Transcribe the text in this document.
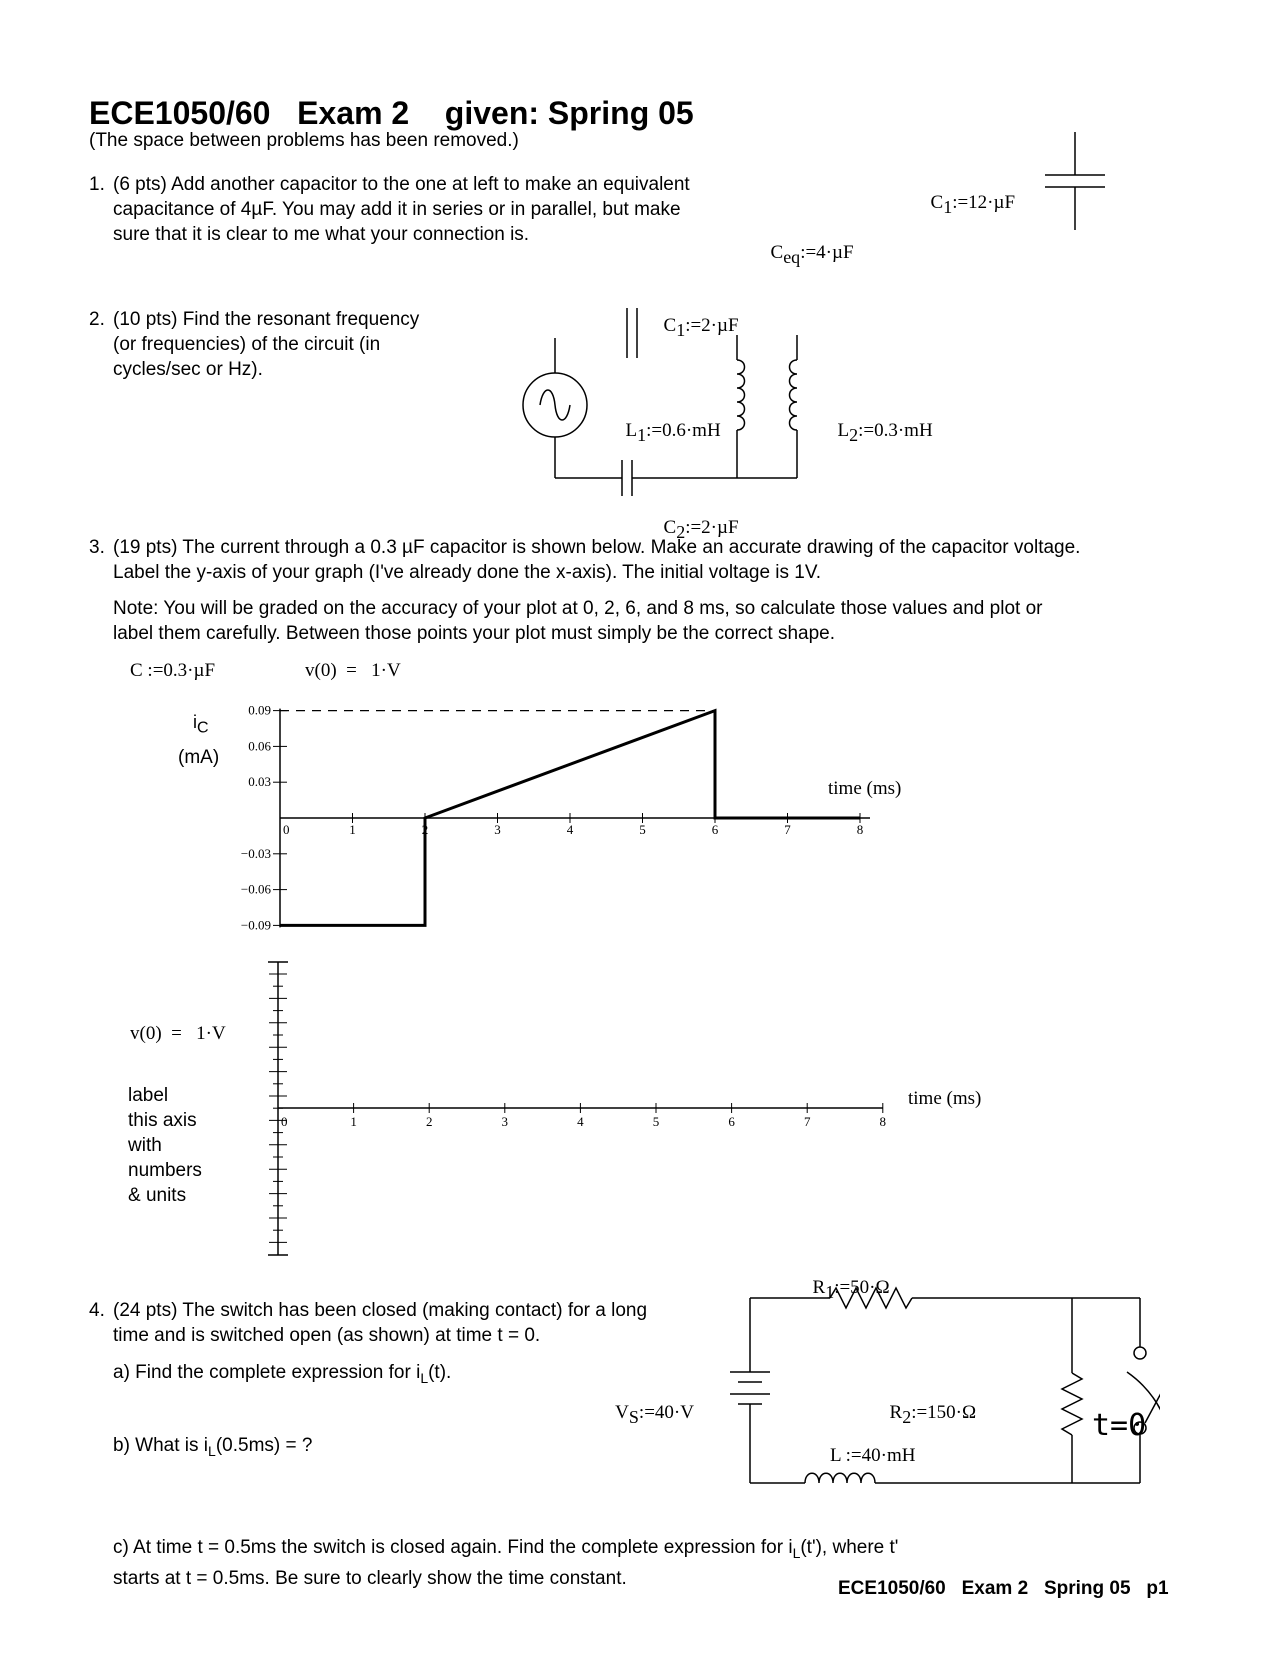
ECE1050/60   Exam 2    given: Spring 05
(The space between problems has been removed.)
1. (6 pts) Add another capacitor to the one at left to make an equivalent
capacitance of 4µF. You may add it in series or in parallel, but make
sure that it is clear to me what your connection is.

$C_{eq}:=4\cdot\mu F$

$C_1:=12\cdot\mu F$

2. (10 pts) Find the resonant frequency
(or frequencies) of the circuit (in
cycles/sec or Hz).

$C_1:=2\cdot\mu F$

$L_1:=0.6\cdot mH$	$L_2:=0.3\cdot mH$

$C_2:=2\cdot\mu F$

3. (19 pts) The current through a 0.3 µF capacitor is shown below. Make an accurate drawing of the capacitor voltage.
Label the y-axis of your graph (I've already done the x-axis). The initial voltage is 1V.
Note: You will be graded on the accuracy of your plot at 0, 2, 6, and 8 ms, so calculate those values and plot or
label them carefully. Between those points your plot must simply be the correct shape.
C :=0.3·µF	v(0)  =   1·V
$i_C$
(mA)
0	1	2	3	4	5	6	7	8
0.09
0.06
0.03
−0.03
−0.06
−0.09
time (ms)
v(0)  =   1·V
label
this axis
with
numbers
& units
0	1	2	3	4	5	6	7	8
time (ms)
4. (24 pts) The switch has been closed (making contact) for a long
time and is switched open (as shown) at time t = 0.
a) Find the complete expression for $i_L(t)$.
b) What is $i_L(0.5ms)$ = ?
c) At time t = 0.5ms the switch is closed again. Find the complete expression for $i_L(t')$, where t'
starts at t = 0.5ms. Be sure to clearly show the time constant.

$R_1:=50\cdot\Omega$

$V_S:=40\cdot V$	$R_2:=150\cdot\Omega$

L :=40·mH
t=0
ECE1050/60   Exam 2   Spring 05   p1
